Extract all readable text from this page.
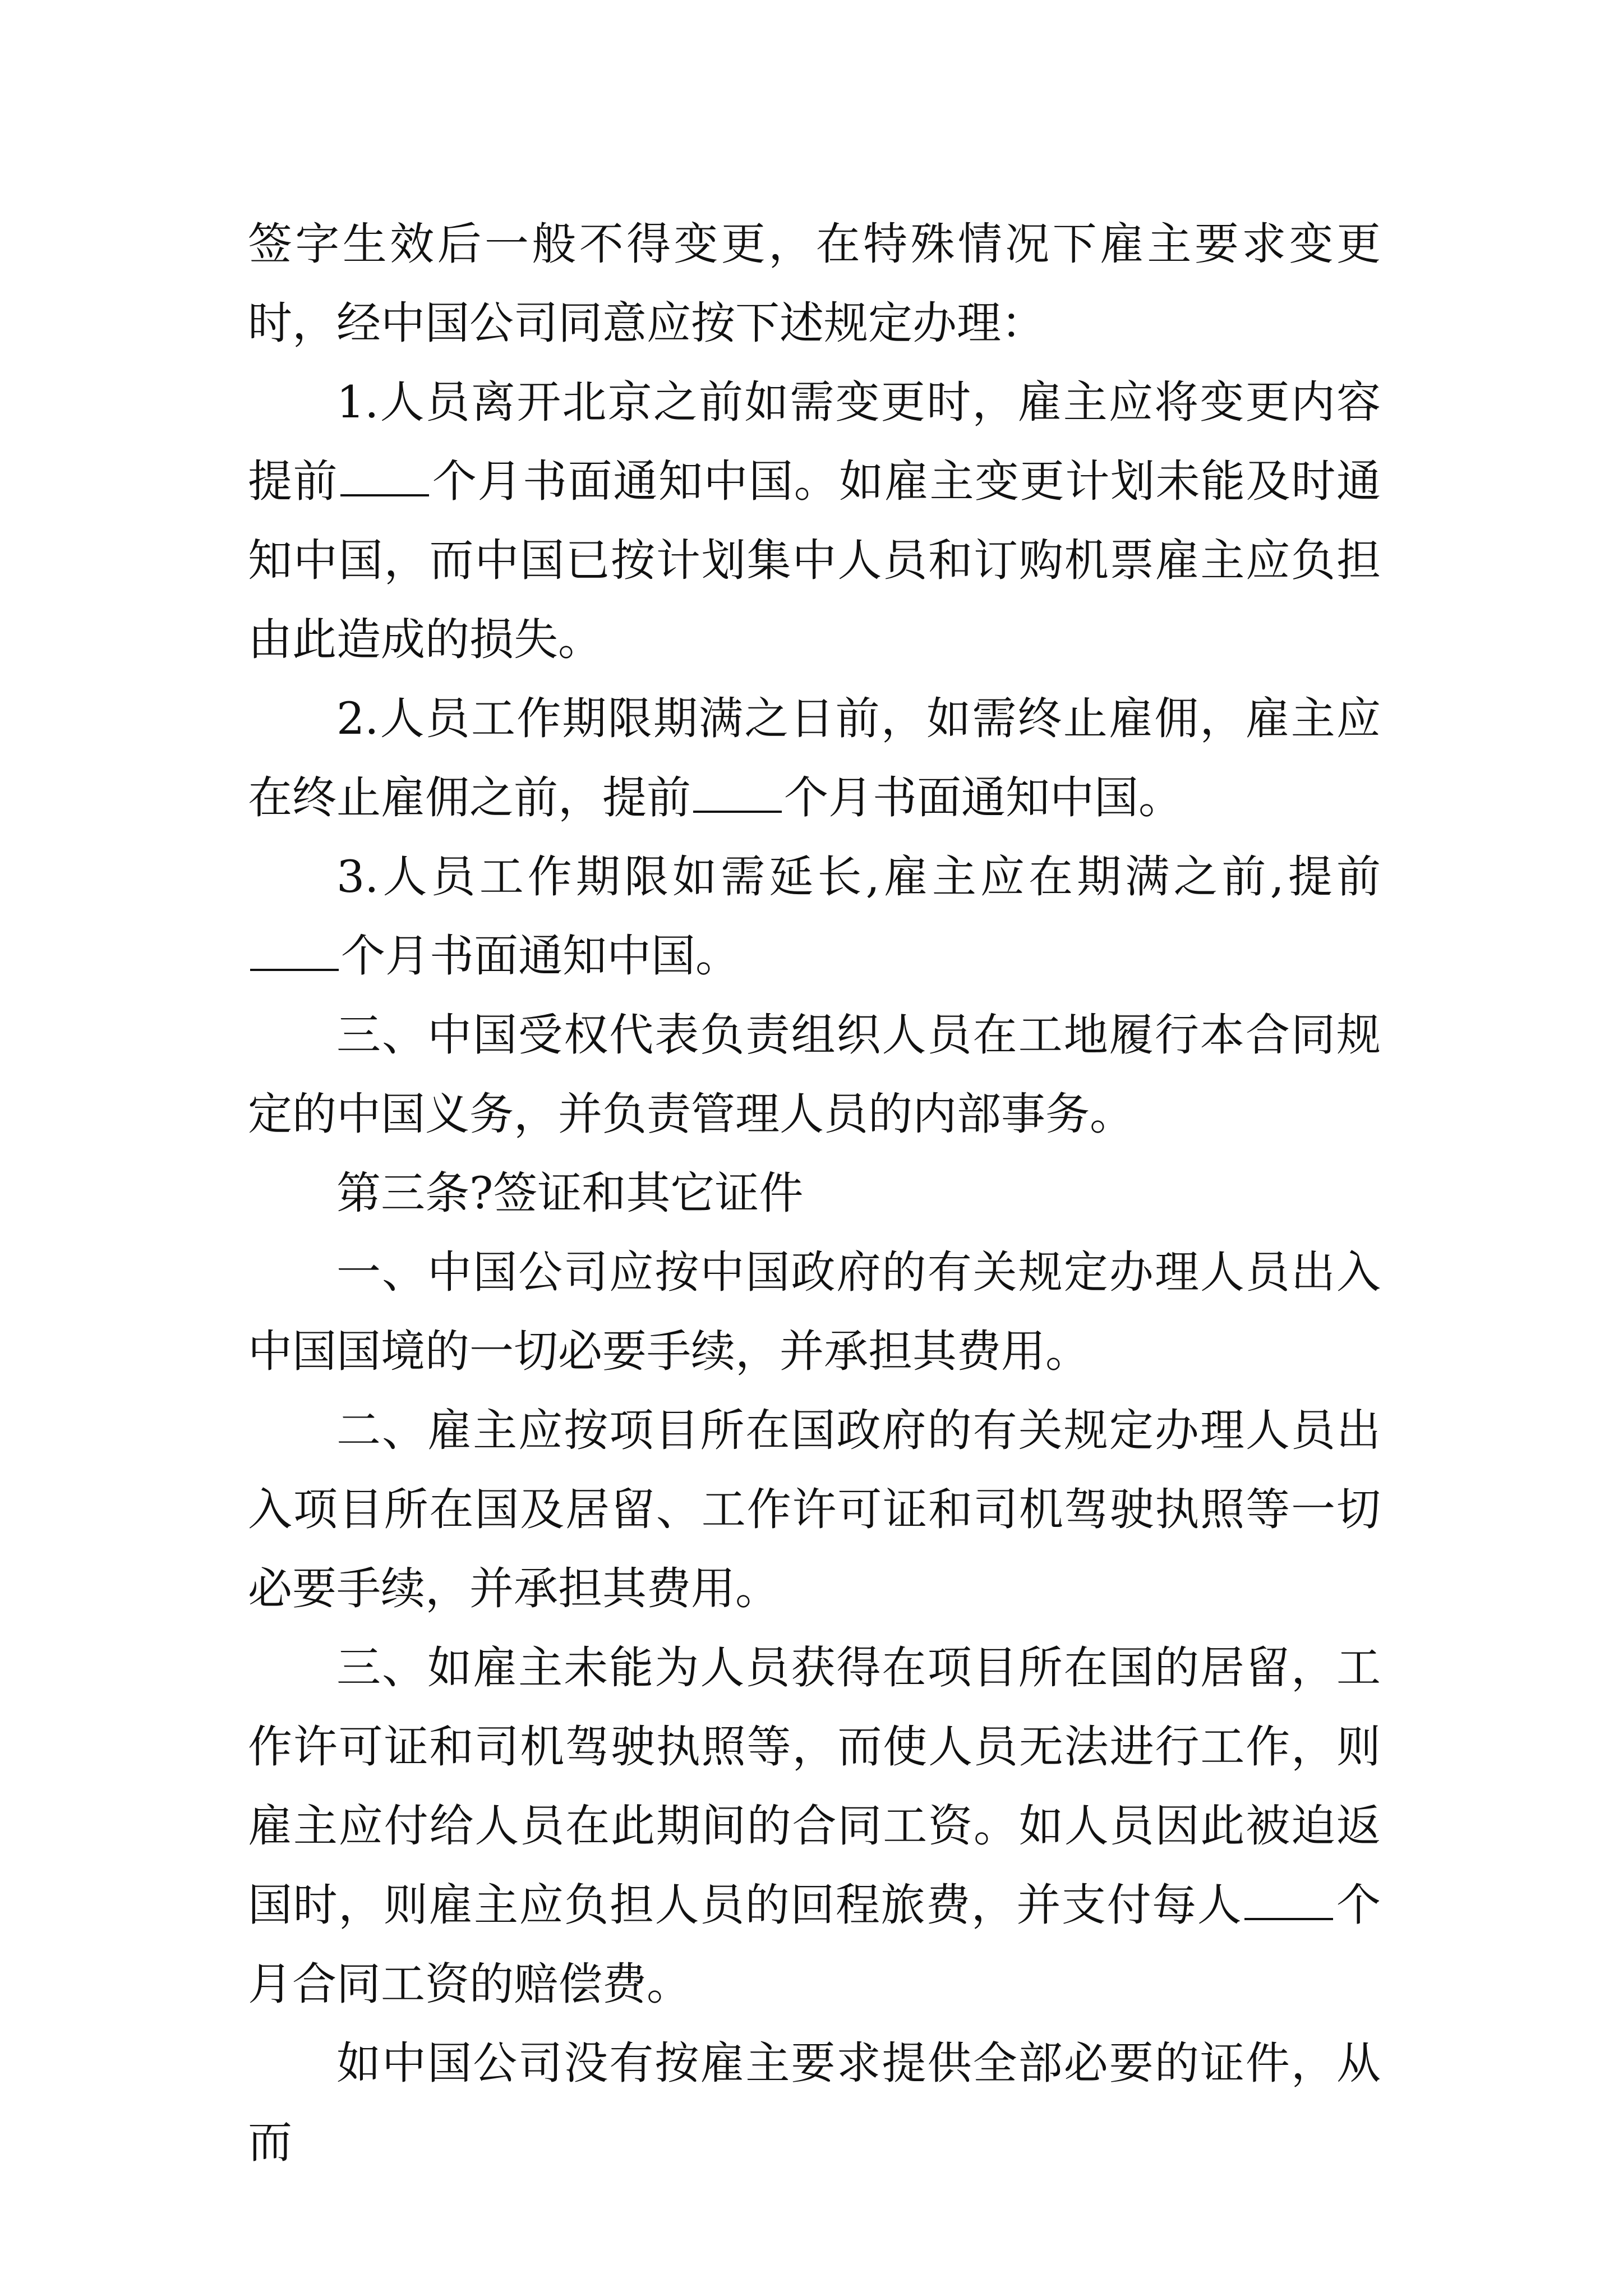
签字生效后一般不得变更，在特殊情况下雇主要求变更时，经中国公司同意应按下述规定办理：

1.人员离开北京之前如需变更时，雇主应将变更内容提前 个月书面通知中国。如雇主变更计划未能及时通知中国，而中国已按计划集中人员和订购机票雇主应负担由此造成的损失。

2.人员工作期限期满之日前，如需终止雇佣，雇主应在终止雇佣之前，提前 个月书面通知中国。

3.人员工作期限如需延长,雇主应在期满之前,提前个月书面通知中国。

三、中国受权代表负责组织人员在工地履行本合同规定的中国义务，并负责管理人员的内部事务。

第三条?签证和其它证件

一、中国公司应按中国政府的有关规定办理人员出入中国国境的一切必要手续，并承担其费用。

二、雇主应按项目所在国政府的有关规定办理人员出入项目所在国及居留、工作许可证和司机驾驶执照等一切必要手续，并承担其费用。

三、如雇主未能为人员获得在项目所在国的居留，工作许可证和司机驾驶执照等，而使人员无法进行工作，则雇主应付给人员在此期间的合同工资。如人员因此被迫返国时，则雇主应负担人员的回程旅费，并支付每人 个月合同工资的赔偿费。

如中国公司没有按雇主要求提供全部必要的证件，从而
